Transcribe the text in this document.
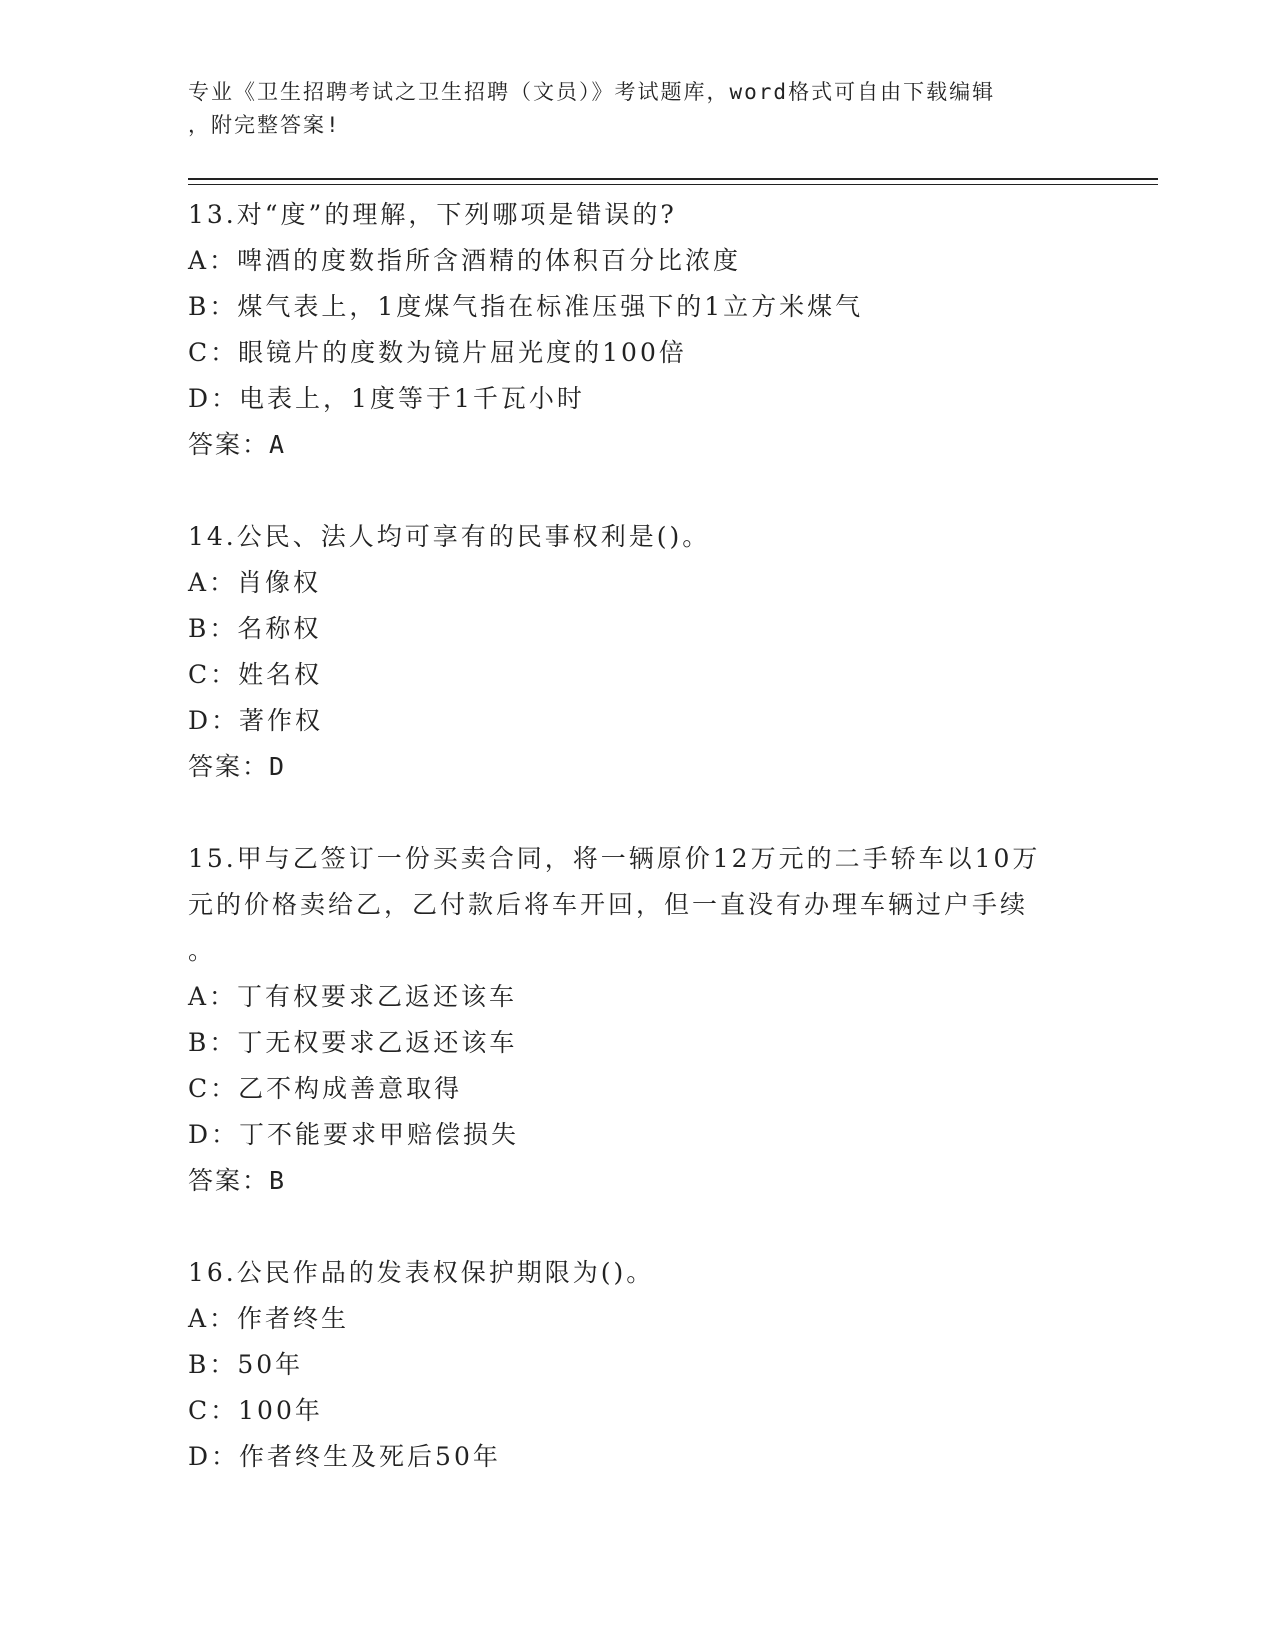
专业《卫生招聘考试之卫生招聘（文员）》考试题库，word格式可自由下载编辑
，附完整答案!
13.对“度”的理解，下列哪项是错误的?
A：啤酒的度数指所含酒精的体积百分比浓度
B：煤气表上，1度煤气指在标准压强下的1立方米煤气
C：眼镜片的度数为镜片屈光度的100倍
D：电表上，1度等于1千瓦小时
答案：A
14.公民、法人均可享有的民事权利是()。
A：肖像权
B：名称权
C：姓名权
D：著作权
答案：D
15.甲与乙签订一份买卖合同，将一辆原价12万元的二手轿车以10万
元的价格卖给乙，乙付款后将车开回，但一直没有办理车辆过户手续
。
A：丁有权要求乙返还该车
B：丁无权要求乙返还该车
C：乙不构成善意取得
D：丁不能要求甲赔偿损失
答案：B
16.公民作品的发表权保护期限为()。
A：作者终生
B：50年
C：100年
D：作者终生及死后50年
